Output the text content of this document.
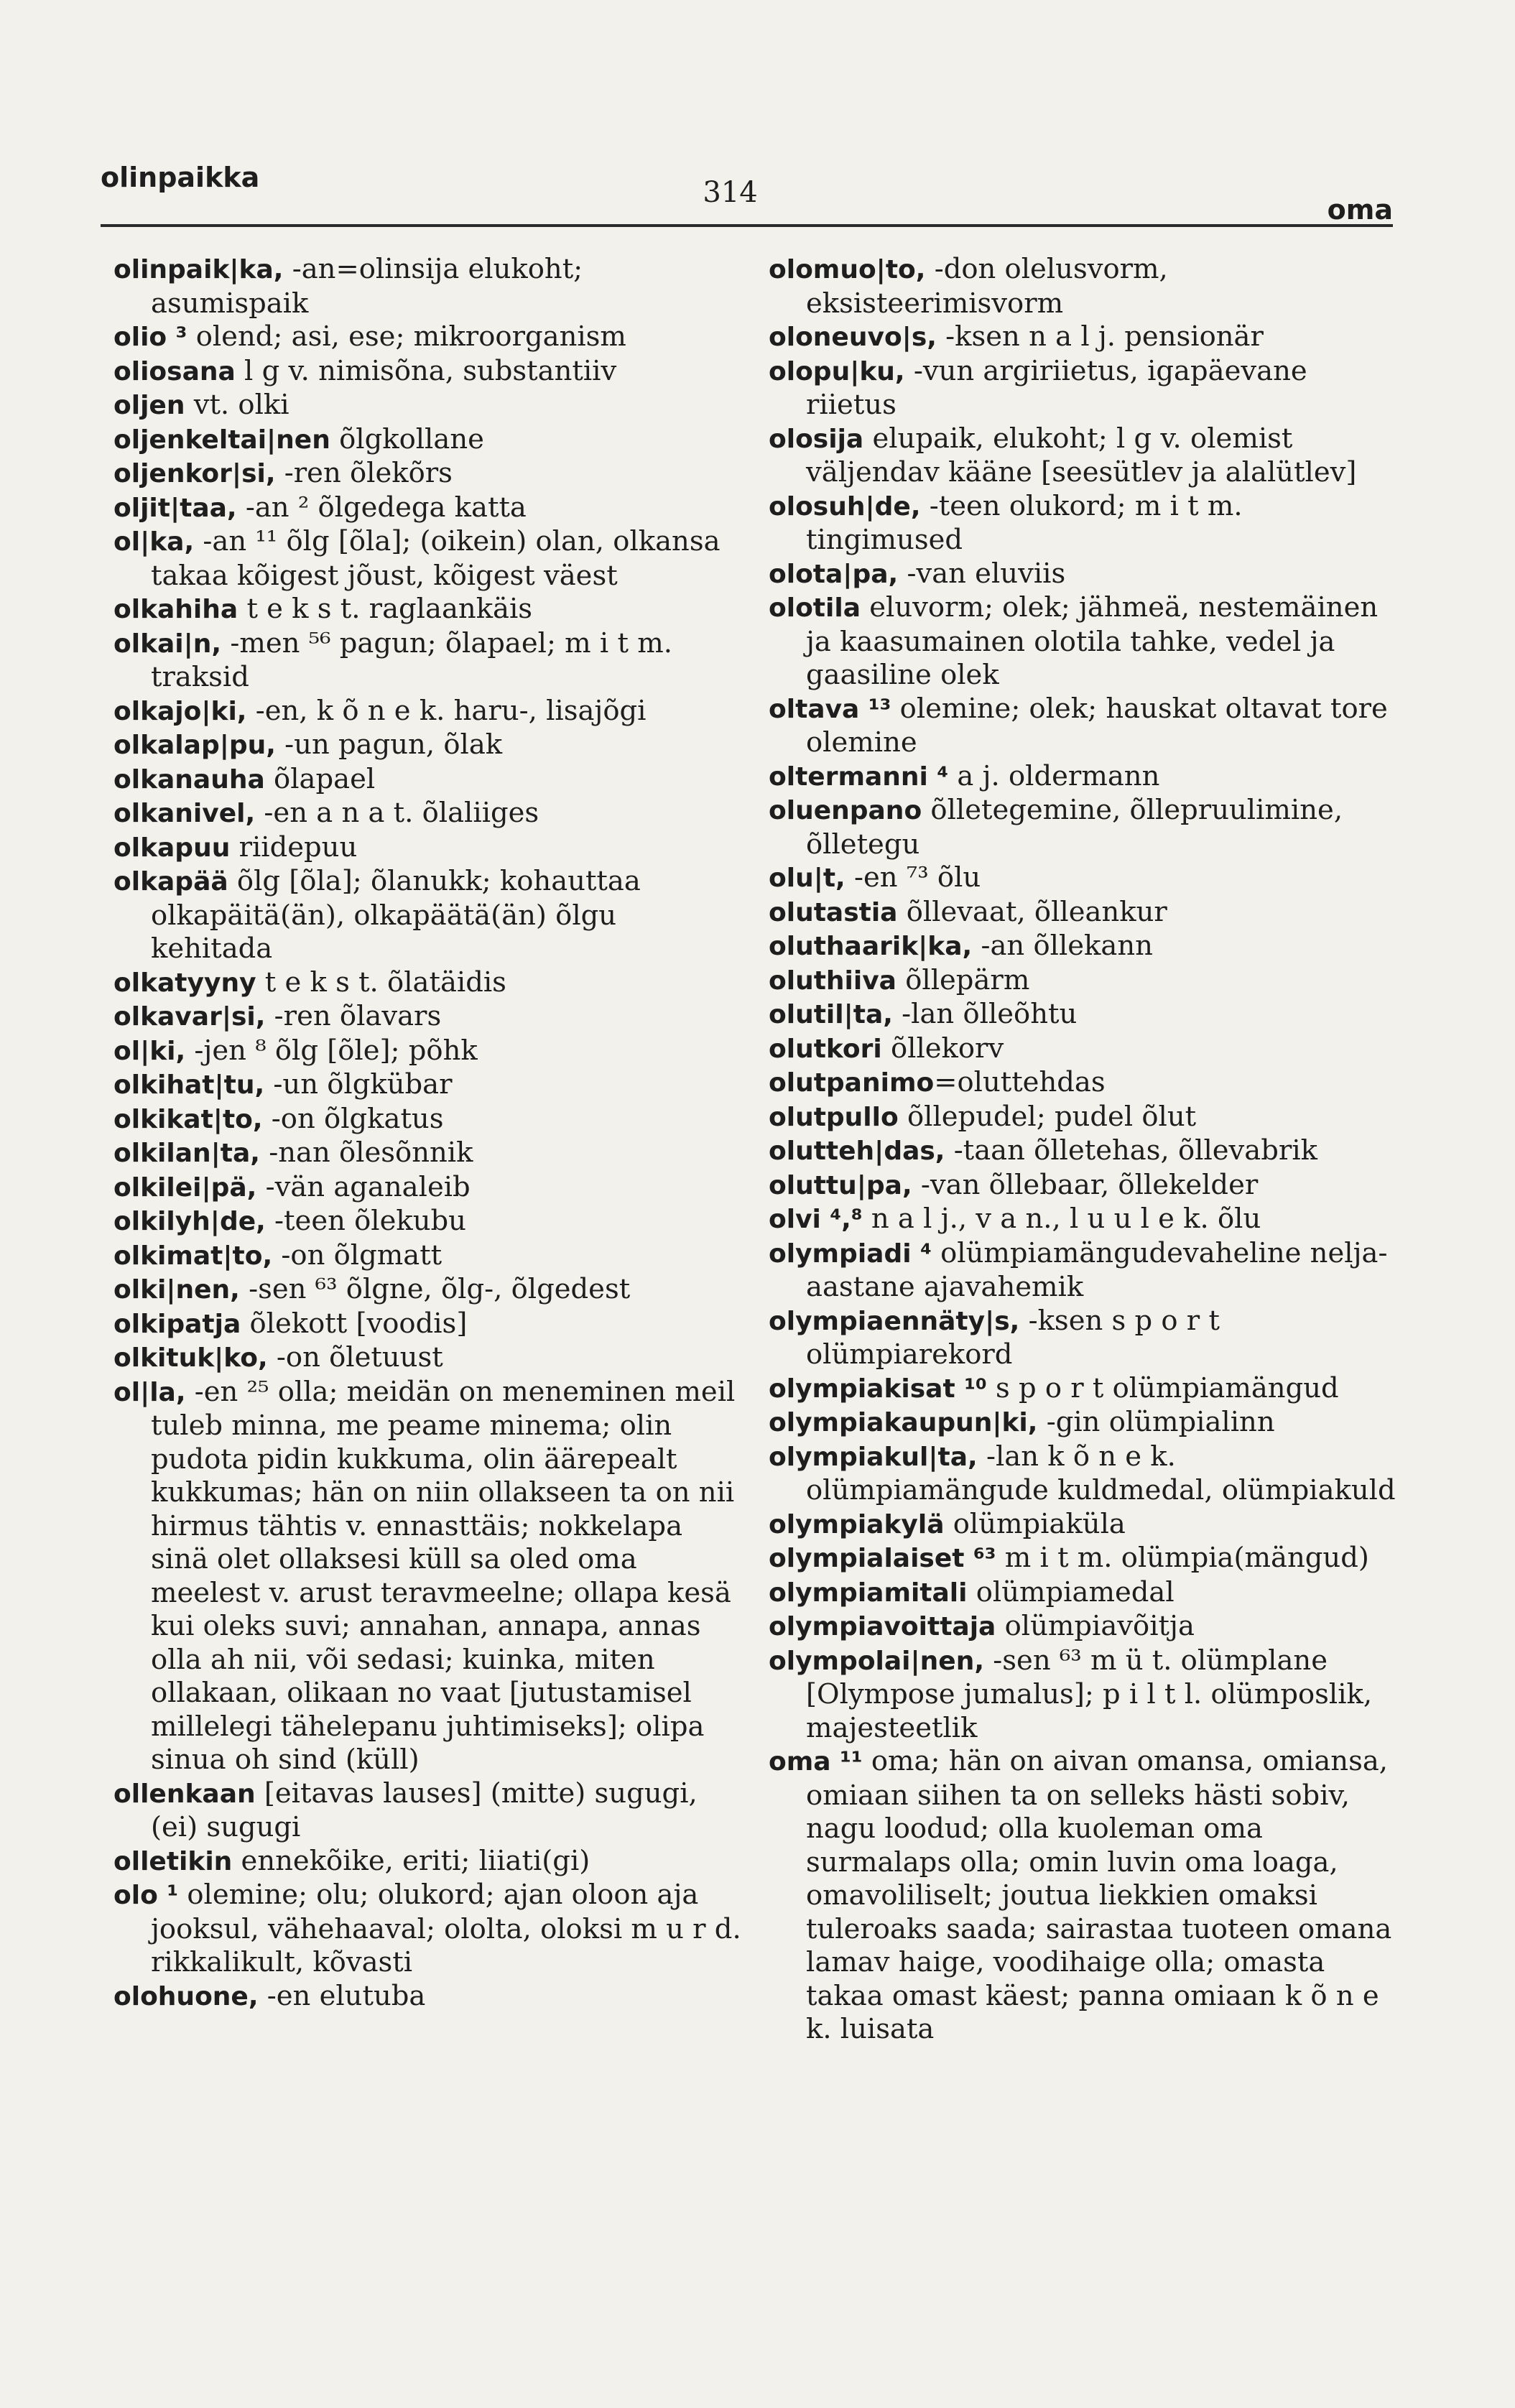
olinpaikka	314
oma

olinpaik|ka, -an=olinsija elukoht; asumispaik

olio ³ olend; asi, ese; mikroorganism

oliosana l g v. nimisõna, substantiiv

oljen vt. olki

oljenkeltai|nen õlgkollane

oljenkor|si, -ren õlekõrs

oljit|taa, -an ² õlgedega katta

ol|ka, -an ¹¹ õlg [õla]; (oikein) olan, olkansa takaa kõigest jõust, kõigest väest

olkahiha t e k s t. raglaankäis

olkai|n, -men ⁵⁶ pagun; õlapael; m i t m. traksid

olkajo|ki, -en, k õ n e k. haru-, lisajõgi

olkalap|pu, -un pagun, õlak

olkanauha õlapael

olkanivel, -en a n a t. õlaliiges

olkapuu riidepuu

olkapää õlg [õla]; õlanukk; kohauttaa olkapäitä(än), olkapäätä(än) õlgu kehitada

olkatyyny t e k s t. õlatäidis

olkavar|si, -ren õlavars

ol|ki, -jen ⁸ õlg [õle]; põhk

olkihat|tu, -un õlgkübar

olkikat|to, -on õlgkatus

olkilan|ta, -nan õlesõnnik

olkilei|pä, -vän aganaleib

olkilyh|de, -teen õlekubu

olkimat|to, -on õlgmatt

olki|nen, -sen ⁶³ õlgne, õlg-, õlgedest

olkipatja õlekott [voodis]

olkituk|ko, -on õletuust

ol|la, -en ²⁵ olla; meidän on meneminen meil tuleb minna, me peame minema; olin pudota pidin kukkuma, olin äärepealt kukkumas; hän on niin ollakseen ta on nii hirmus tähtis v. ennasttäis; nokkelapa sinä olet ollaksesi küll sa oled oma meelest v. arust teravmeelne; ollapa kesä kui oleks suvi; annahan, annapa, annas olla ah nii, või sedasi; kuinka, miten ollakaan, olikaan no vaat [jutustamisel millelegi tähelepanu juhtimiseks]; olipa sinua oh sind (küll)

ollenkaan [eitavas lauses] (mitte) sugugi, (ei) sugugi

olletikin ennekõike, eriti; liiati(gi)

olo ¹ olemine; olu; olukord; ajan oloon aja jooksul, vähehaaval; ololta, oloksi m u r d. rikkalikult, kõvasti

olohuone, -en elutuba

olomuo|to, -don olelusvorm, eksisteerimisvorm

oloneuvo|s, -ksen n a l j. pensionär

olopu|ku, -vun argiriietus, igapäevane riietus

olosija elupaik, elukoht; l g v. olemist väljendav kääne [seesütlev ja alalütlev]

olosuh|de, -teen olukord; m i t m. tingimused

olota|pa, -van eluviis

olotila eluvorm; olek; jähmeä, nestemäinen ja kaasumainen olotila tahke, vedel ja gaasiline olek

oltava ¹³ olemine; olek; hauskat oltavat tore olemine

oltermanni ⁴ a j. oldermann

oluenpano õlletegemine, õllepruulimine, õlletegu

olu|t, -en ⁷³ õlu

olutastia õllevaat, õlleankur

oluthaarik|ka, -an õllekann

oluthiiva õllepärm

olutil|ta, -lan õlleõhtu

olutkori õllekorv

olutpanimo=oluttehdas

olutpullo õllepudel; pudel õlut

olutteh|das, -taan õlletehas, õllevabrik

oluttu|pa, -van õllebaar, õllekelder

olvi ⁴,⁸ n a l j., v a n., l u u l e k. õlu

olympiadi ⁴ olümpiamängudevaheline nelja-aastane ajavahemik

olympiaennäty|s, -ksen s p o r t olümpiarekord

olympiakisat ¹⁰ s p o r t olümpiamängud

olympiakaupun|ki, -gin olümpialinn

olympiakul|ta, -lan k õ n e k. olümpiamängude kuldmedal, olümpiakuld

olympiakylä olümpiaküla

olympialaiset ⁶³ m i t m. olümpia(mängud)

olympiamitali olümpiamedal

olympiavoittaja olümpiavõitja

olympolai|nen, -sen ⁶³ m ü t. olümplane [Olympose jumalus]; p i l t l. olümposlik, majesteetlik

oma ¹¹ oma; hän on aivan omansa, omiansa, omiaan siihen ta on selleks hästi sobiv, nagu loodud; olla kuoleman oma surmalaps olla; omin luvin oma loaga, omavoliliselt; joutua liekkien omaksi tuleroaks saada; sairastaa tuoteen omana lamav haige, voodihaige olla; omasta takaa omast käest; panna omiaan k õ n e k. luisata
